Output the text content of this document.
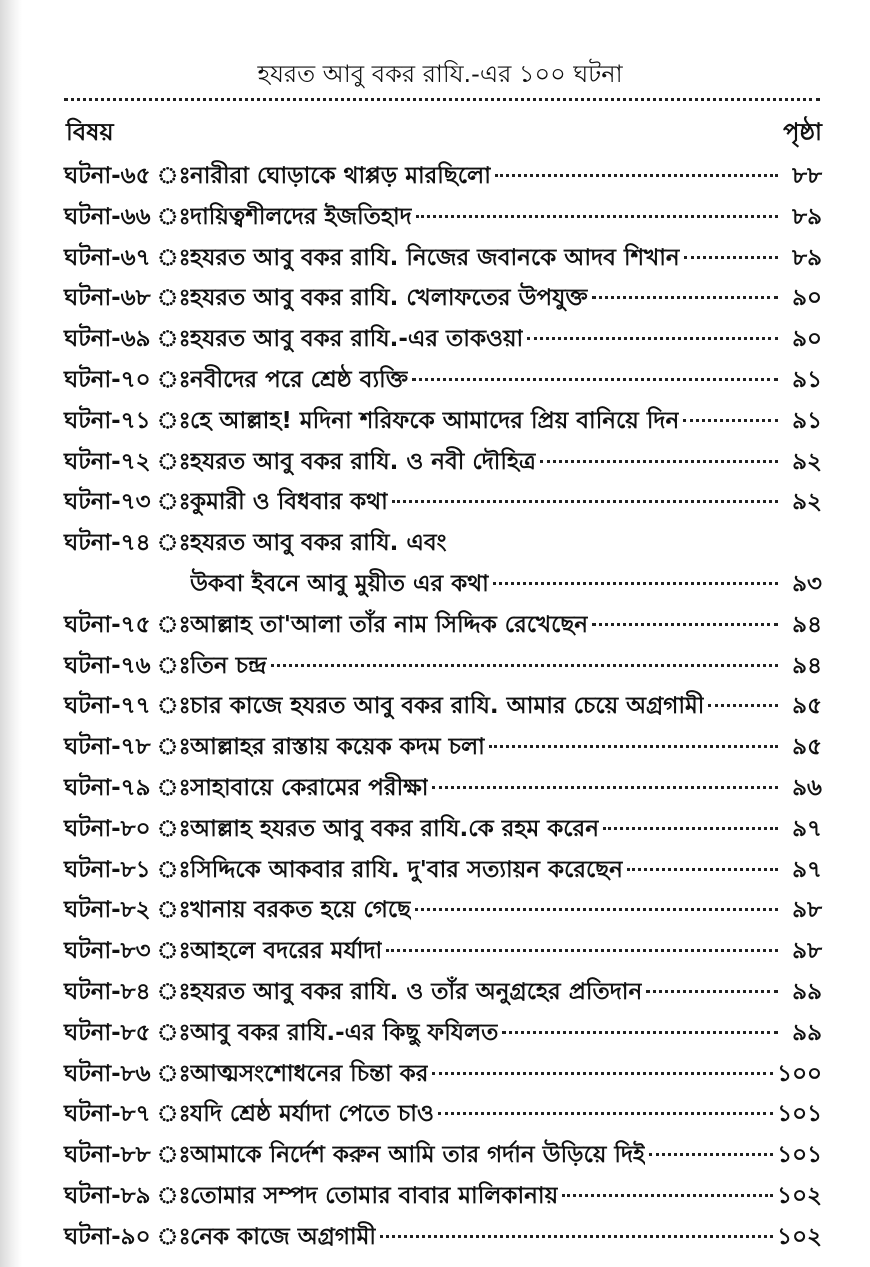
হযরত আবু বকর রাযি.-এর ১০০ ঘটনা
বিষয়	পৃষ্ঠা
ঘটনা-৬৫ ঃ নারীরা ঘোড়াকে থাপ্পড় মারছিলো	৮৮
ঘটনা-৬৬ ঃ দায়িত্বশীলদের ইজতিহাদ	৮৯
ঘটনা-৬৭ ঃ হযরত আবু বকর রাযি. নিজের জবানকে আদব শিখান	৮৯
ঘটনা-৬৮ ঃ হযরত আবু বকর রাযি. খেলাফতের উপযুক্ত	৯০
ঘটনা-৬৯ ঃ হযরত আবু বকর রাযি.-এর তাকওয়া	৯০
ঘটনা-৭০ ঃ নবীদের পরে শ্রেষ্ঠ ব্যক্তি	৯১
ঘটনা-৭১ ঃ হে আল্লাহ! মদিনা শরিফকে আমাদের প্রিয় বানিয়ে দিন	৯১
ঘটনা-৭২ ঃ হযরত আবু বকর রাযি. ও নবী দৌহিত্র	৯২
ঘটনা-৭৩ ঃ কুমারী ও বিধবার কথা	৯২
ঘটনা-৭৪ ঃ হযরত আবু বকর রাযি. এবং
উকবা ইবনে আবু মুয়ীত এর কথা	৯৩
ঘটনা-৭৫ ঃ আল্লাহ তা'আলা তাঁর নাম সিদ্দিক রেখেছেন	৯৪
ঘটনা-৭৬ ঃ তিন চন্দ্র	৯৪
ঘটনা-৭৭ ঃ চার কাজে হযরত আবু বকর রাযি. আমার চেয়ে অগ্রগামী	৯৫
ঘটনা-৭৮ ঃ আল্লাহর রাস্তায় কয়েক কদম চলা	৯৫
ঘটনা-৭৯ ঃ সাহাবায়ে কেরামের পরীক্ষা	৯৬
ঘটনা-৮০ ঃ আল্লাহ হযরত আবু বকর রাযি.কে রহম করেন	৯৭
ঘটনা-৮১ ঃ সিদ্দিকে আকবার রাযি. দু'বার সত্যায়ন করেছেন	৯৭
ঘটনা-৮২ ঃ খানায় বরকত হয়ে গেছে	৯৮
ঘটনা-৮৩ ঃ আহলে বদরের মর্যাদা	৯৮
ঘটনা-৮৪ ঃ হযরত আবু বকর রাযি. ও তাঁর অনুগ্রহের প্রতিদান	৯৯
ঘটনা-৮৫ ঃ আবু বকর রাযি.-এর কিছু ফযিলত	৯৯
ঘটনা-৮৬ ঃ আত্মসংশোধনের চিন্তা কর	১০০
ঘটনা-৮৭ ঃ যদি শ্রেষ্ঠ মর্যাদা পেতে চাও	১০১
ঘটনা-৮৮ ঃ আমাকে নির্দেশ করুন আমি তার গর্দান উড়িয়ে দিই	১০১
ঘটনা-৮৯ ঃ তোমার সম্পদ তোমার বাবার মালিকানায়	১০২
ঘটনা-৯০ ঃ নেক কাজে অগ্রগামী	১০২
